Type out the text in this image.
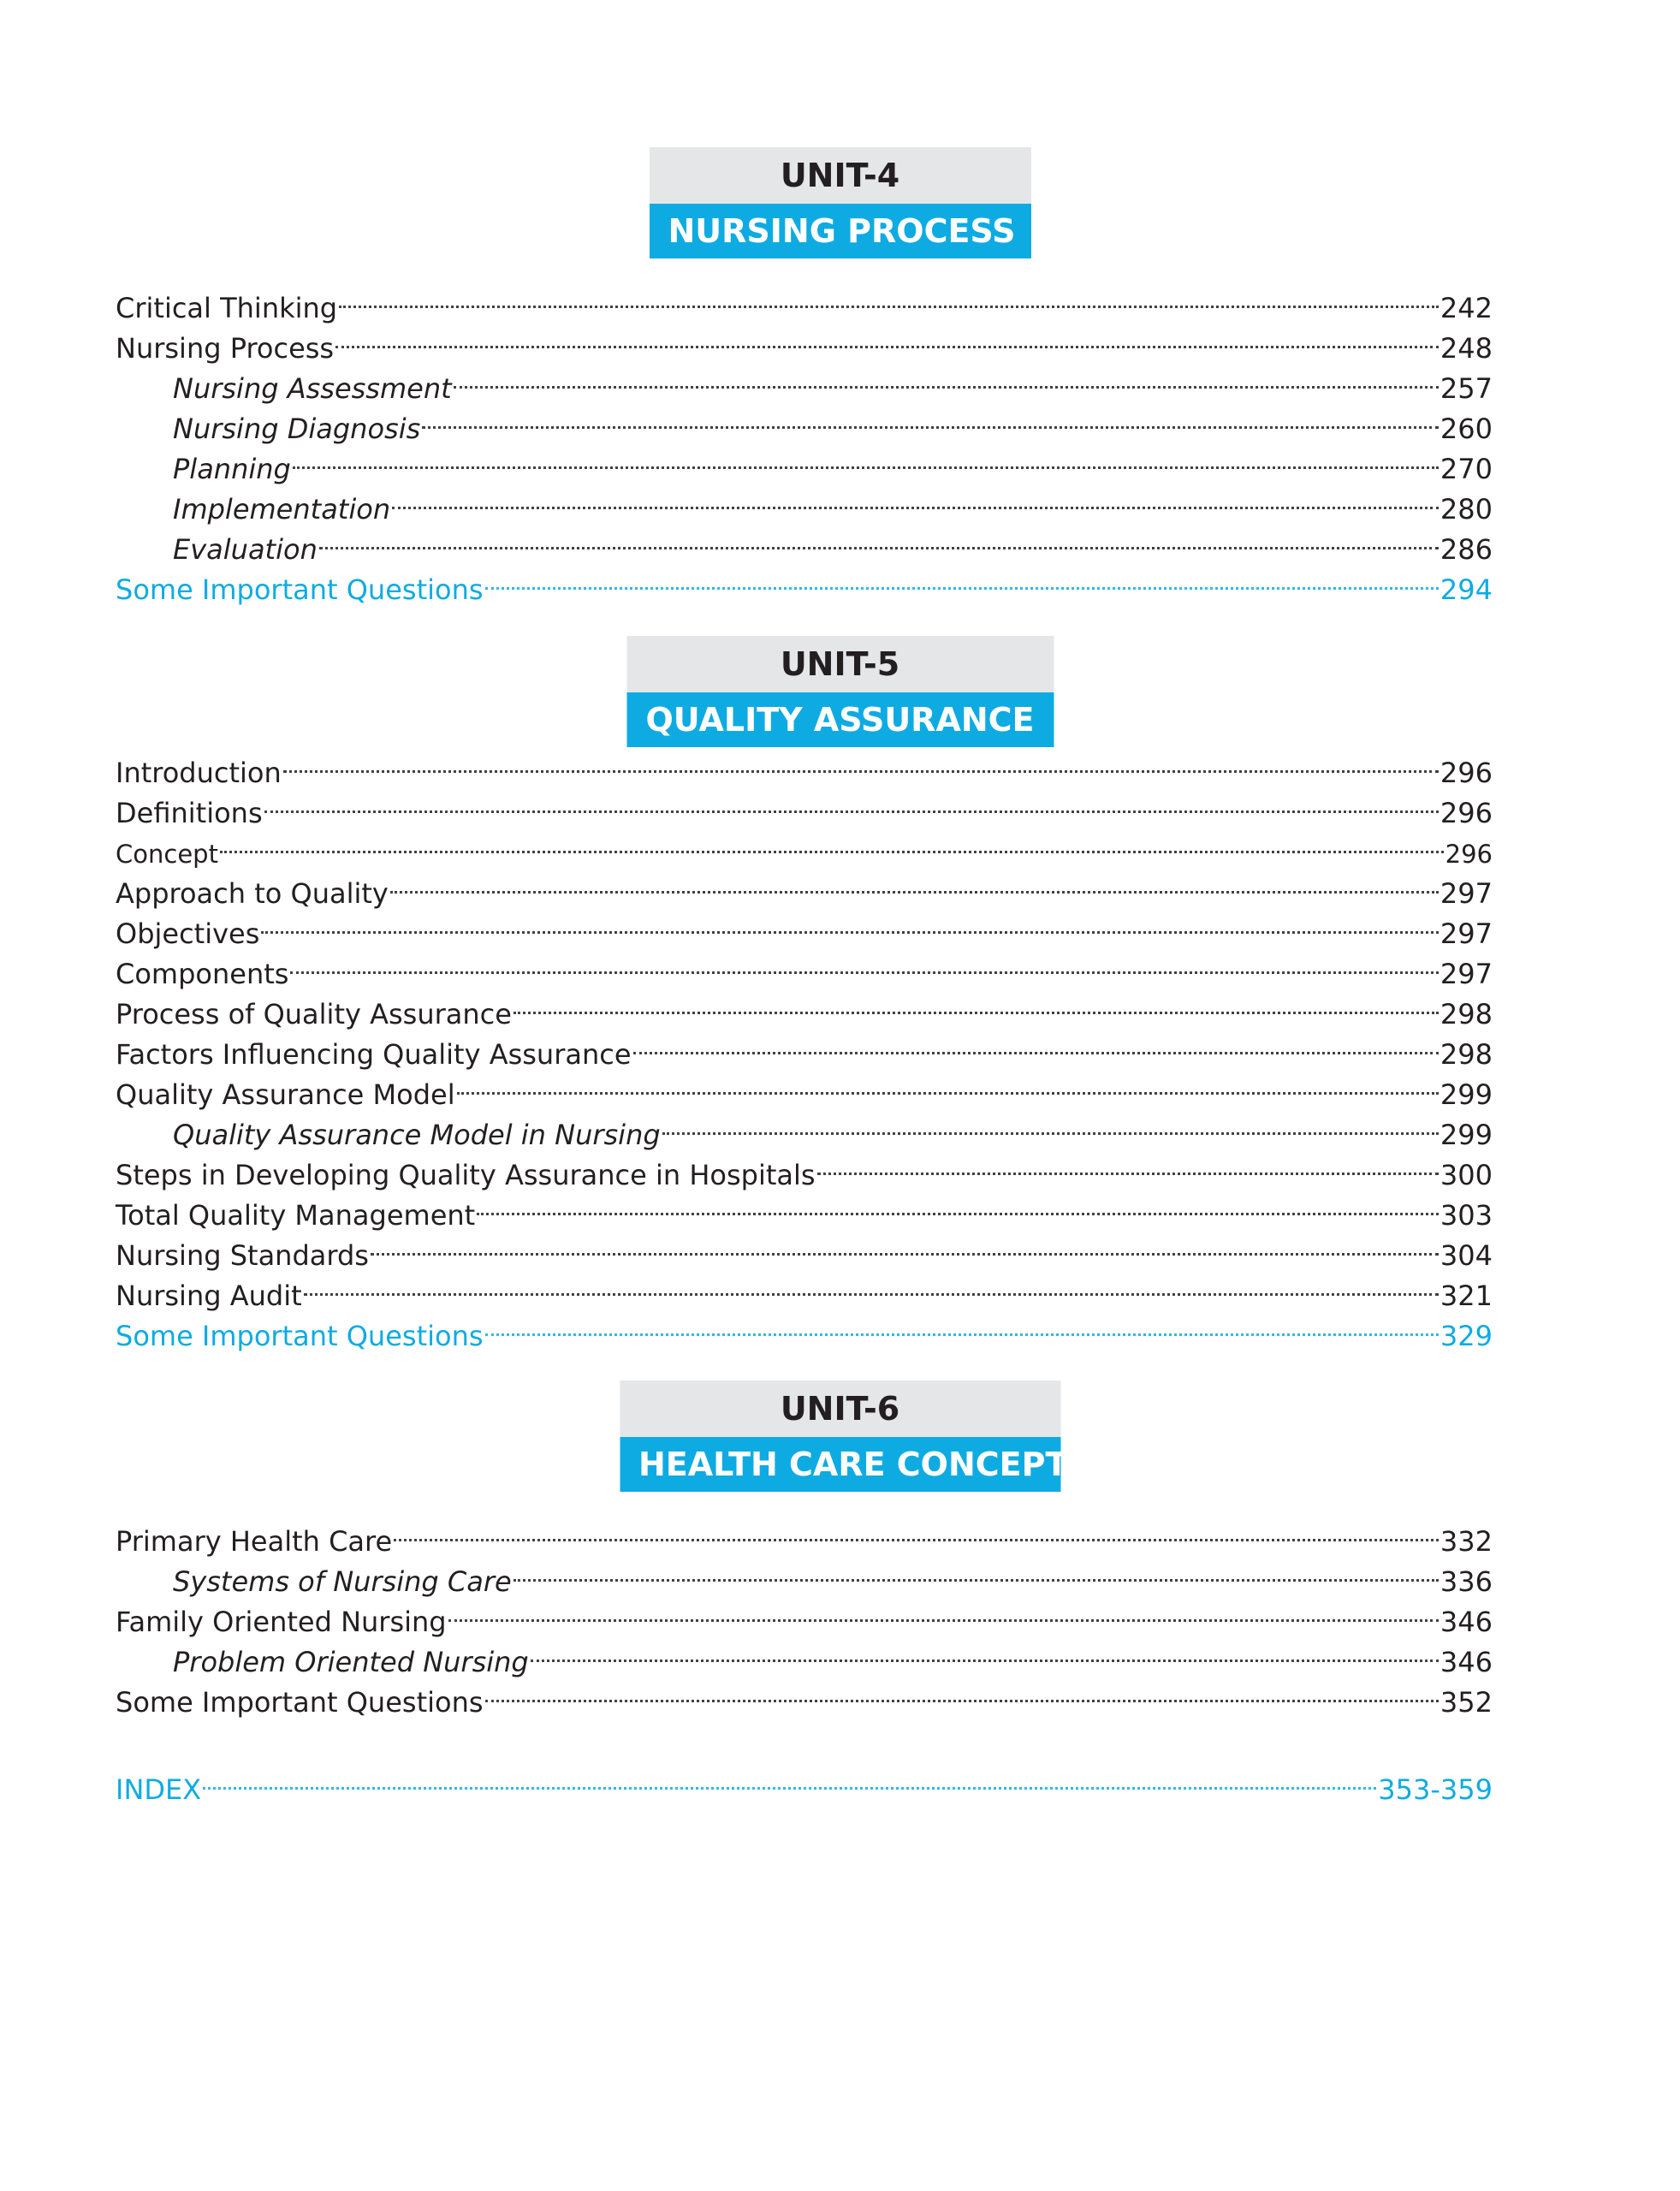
UNIT-4
NURSING PROCESS
Critical Thinking	242
Nursing Process	248
Nursing Assessment	257
Nursing Diagnosis	260
Planning	270
Implementation	280
Evaluation	286
Some Important Questions	294
UNIT-5
QUALITY ASSURANCE
Introduction	296
Definitions	296
Concept	296
Approach to Quality	297
Objectives	297
Components	297
Process of Quality Assurance	298
Factors Influencing Quality Assurance	298
Quality Assurance Model	299
Quality Assurance Model in Nursing	299
Steps in Developing Quality Assurance in Hospitals	300
Total Quality Management	303
Nursing Standards	304
Nursing Audit	321
Some Important Questions	329
UNIT-6
HEALTH CARE CONCEPT
Primary Health Care	332
Systems of Nursing Care	336
Family Oriented Nursing	346
Problem Oriented Nursing	346
Some Important Questions	352
INDEX	353-359
